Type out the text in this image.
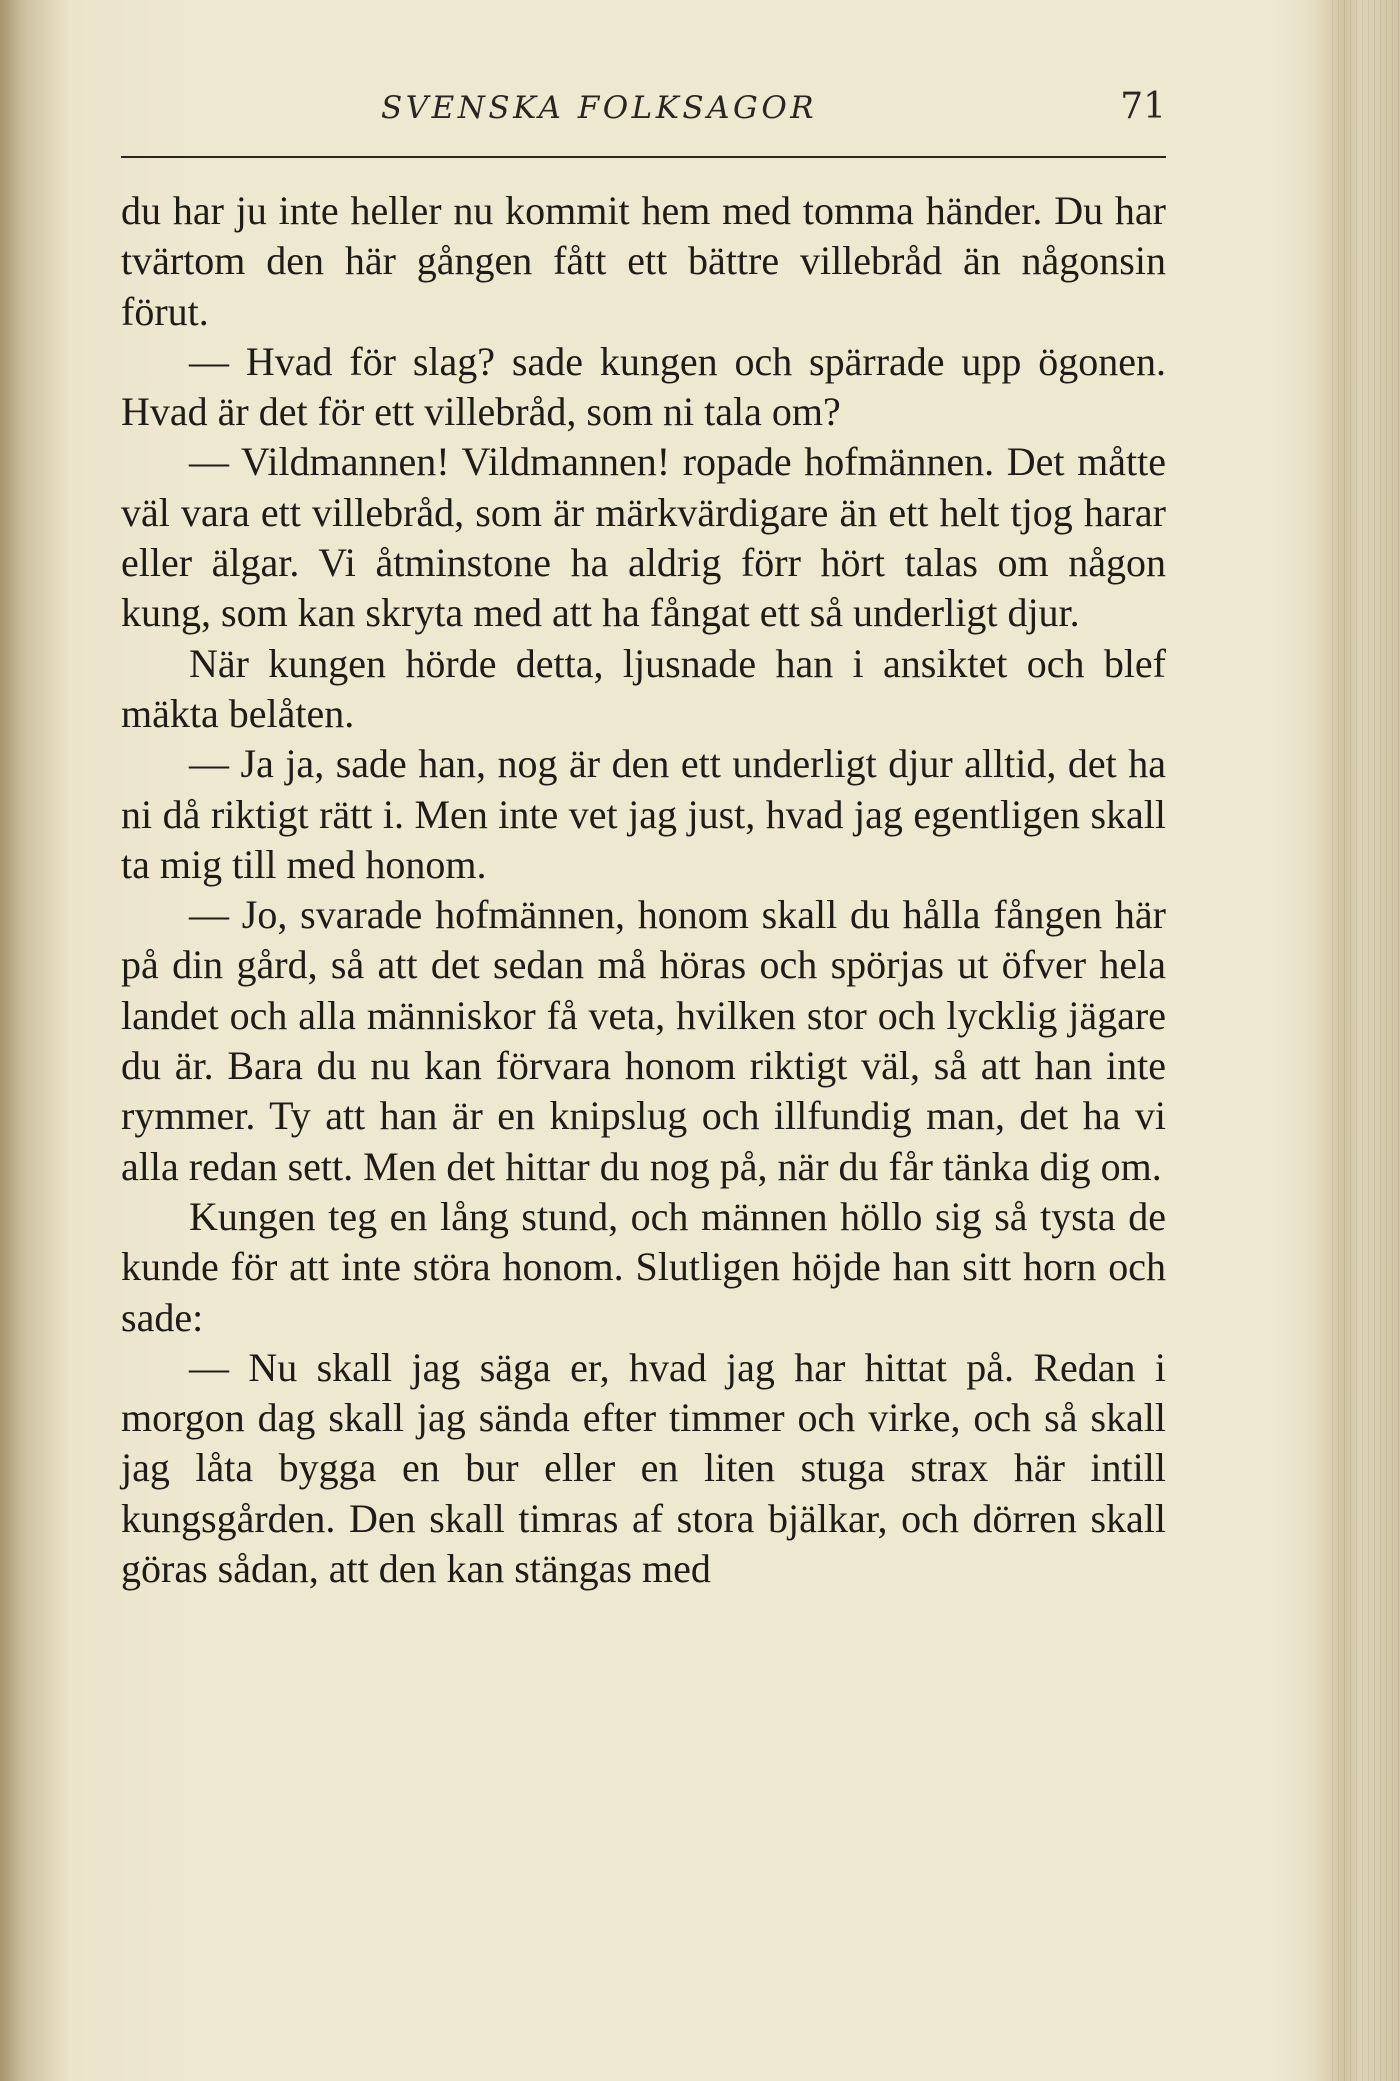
SVENSKA FOLKSAGOR	71

du har ju inte heller nu kommit hem med tomma händer. Du har tvärtom den här gången fått ett bättre villebråd än någonsin förut.

— Hvad för slag? sade kungen och spärrade upp ögonen. Hvad är det för ett villebråd, som ni tala om?

— Vildmannen! Vildmannen! ropade hofmännen. Det måtte väl vara ett villebråd, som är märkvärdigare än ett helt tjog harar eller älgar. Vi åtminstone ha aldrig förr hört talas om någon kung, som kan skryta med att ha fångat ett så underligt djur.

När kungen hörde detta, ljusnade han i ansiktet och blef mäkta belåten.

— Ja ja, sade han, nog är den ett underligt djur alltid, det ha ni då riktigt rätt i. Men inte vet jag just, hvad jag egentligen skall ta mig till med honom.

— Jo, svarade hofmännen, honom skall du hålla fången här på din gård, så att det sedan må höras och spörjas ut öfver hela landet och alla människor få veta, hvilken stor och lycklig jägare du är. Bara du nu kan förvara honom riktigt väl, så att han inte rymmer. Ty att han är en knipslug och illfundig man, det ha vi alla redan sett. Men det hittar du nog på, när du får tänka dig om.

Kungen teg en lång stund, och männen höllo sig så tysta de kunde för att inte störa honom. Slutligen höjde han sitt horn och sade:

— Nu skall jag säga er, hvad jag har hittat på. Redan i morgon dag skall jag sända efter timmer och virke, och så skall jag låta bygga en bur eller en liten stuga strax här intill kungsgården. Den skall timras af stora bjälkar, och dörren skall göras sådan, att den kan stängas med
